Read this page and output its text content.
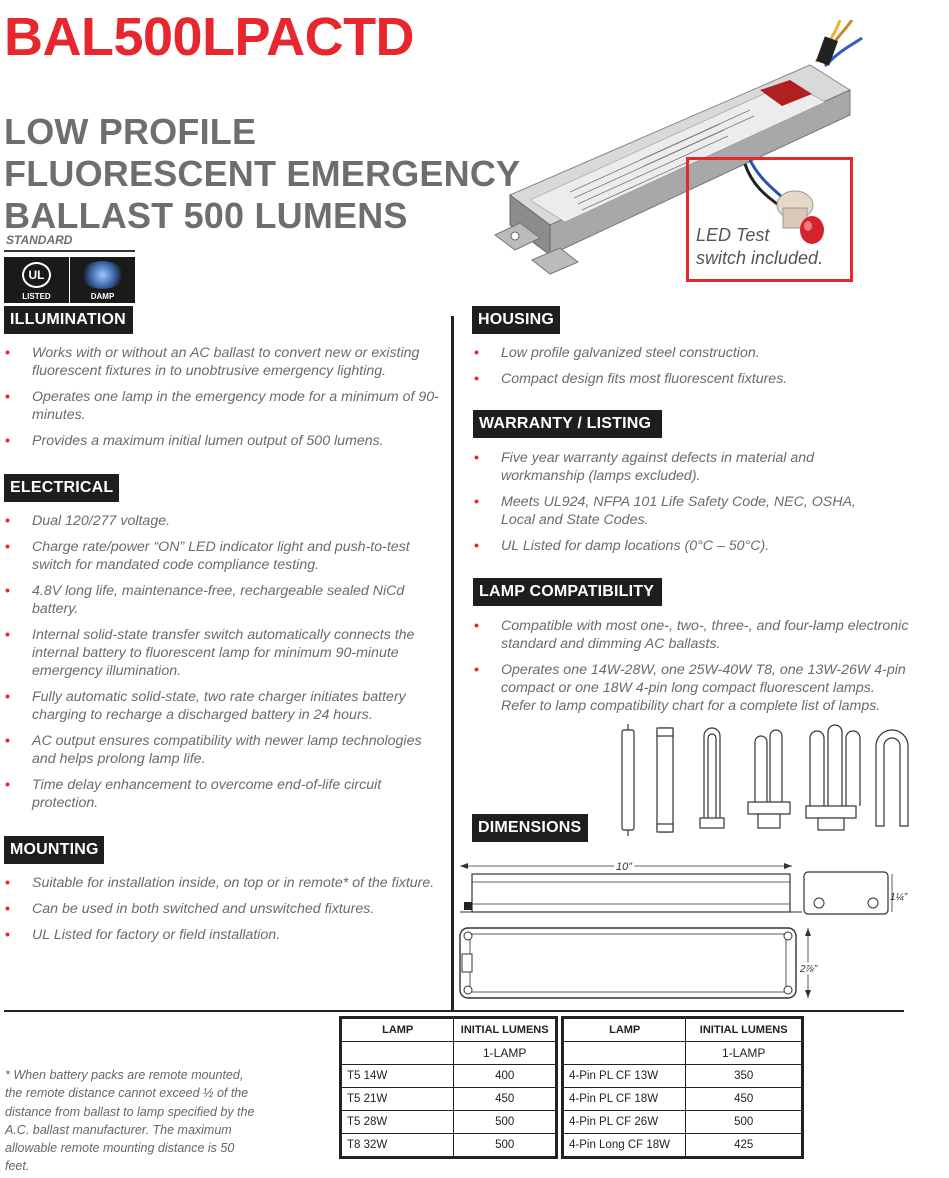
BAL500LPACTD
LOW PROFILE
FLUORESCENT EMERGENCY
BALLAST 500 LUMENS
STANDARD
UL
LISTED	DAMP
LED Test
switch included.
ILLUMINATION
• Works with or without an AC ballast to convert new or existing fluorescent fixtures in to unobtrusive emergency lighting.
• Operates one lamp in the emergency mode for a minimum of 90-minutes.
• Provides a maximum initial lumen output of 500 lumens.
ELECTRICAL
• Dual 120/277 voltage.
• Charge rate/power “ON” LED indicator light and push-to-test switch for mandated code compliance testing.
• 4.8V long life, maintenance-free, rechargeable sealed NiCd battery.
• Internal solid-state transfer switch automatically connects the internal battery to fluorescent lamp for minimum 90-minute emergency illumination.
• Fully automatic solid-state, two rate charger initiates battery charging to recharge a discharged battery in 24 hours.
• AC output ensures compatibility with newer lamp technologies and helps prolong lamp life.
• Time delay enhancement to overcome end-of-life circuit protection.
MOUNTING
• Suitable for installation inside, on top or in remote* of the fixture.
• Can be used in both switched and unswitched fixtures.
• UL Listed for factory or field installation.
HOUSING
• Low profile galvanized steel construction.
• Compact design fits most fluorescent fixtures.
WARRANTY / LISTING
• Five year warranty against defects in material and workmanship (lamps excluded).
• Meets UL924, NFPA 101 Life Safety Code, NEC, OSHA, Local and State Codes.
• UL Listed for damp locations (0°C – 50°C).
LAMP COMPATIBILITY
• Compatible with most one-, two-, three-, and four-lamp electronic standard and dimming AC ballasts.
• Operates one 14W-28W, one 25W-40W T8, one 13W-26W 4-pin compact or one 18W 4-pin long compact fluorescent lamps. Refer to lamp compatibility chart for a complete list of lamps.
DIMENSIONS
10”
1¼”
2⅞”
* When battery packs are remote mounted, the remote distance cannot exceed ½ of the distance from ballast to lamp specified by the A.C. ballast manufacturer. The maximum allowable remote mounting distance is 50 feet.
LAMP	INITIAL LUMENS
	1-LAMP
T5 14W	400
T5 21W	450
T5 28W	500
T8 32W	500
LAMP	INITIAL LUMENS
	1-LAMP
4-Pin PL CF 13W	350
4-Pin PL CF 18W	450
4-Pin PL CF 26W	500
4-Pin Long CF 18W	425
